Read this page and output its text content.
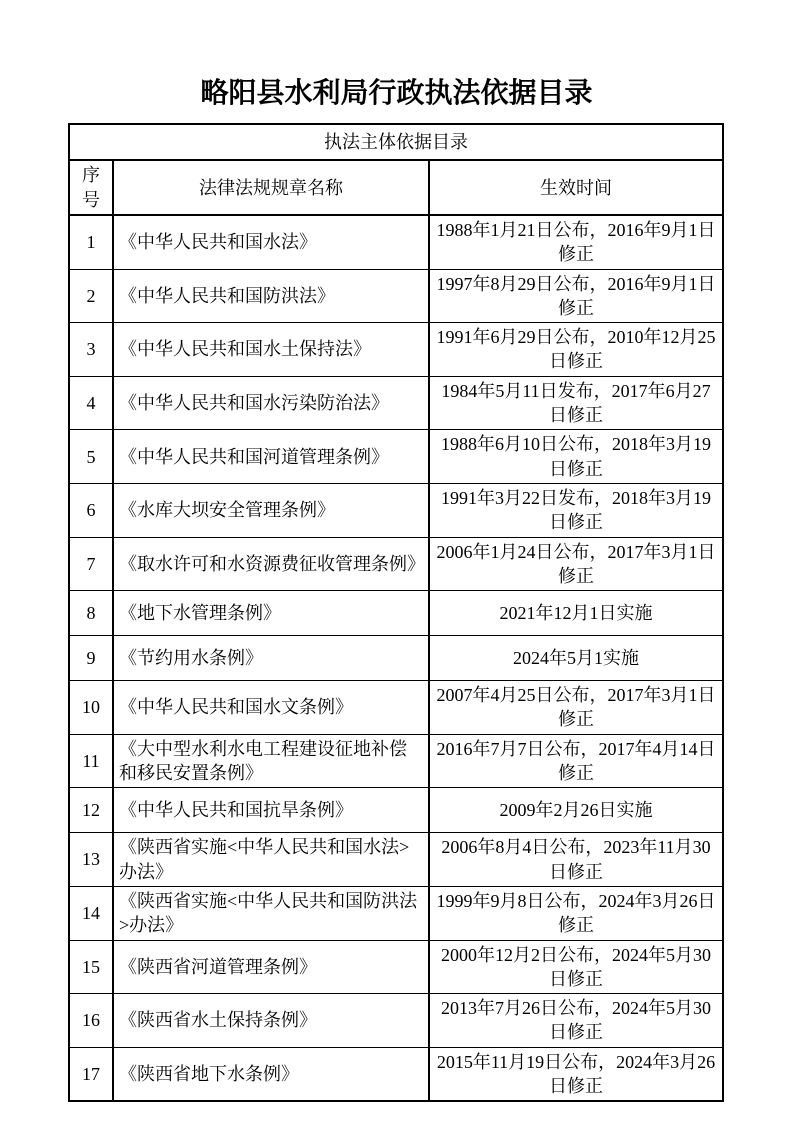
略阳县水利局行政执法依据目录
执法主体依据目录		
序号	法律法规规章名称	生效时间
1	《中华人民共和国水法》	1988年1月21日公布，2016年9月1日修正
2	《中华人民共和国防洪法》	1997年8月29日公布，2016年9月1日修正
3	《中华人民共和国水土保持法》	1991年6月29日公布，2010年12月25日修正
4	《中华人民共和国水污染防治法》	1984年5月11日发布，2017年6月27日修正
5	《中华人民共和国河道管理条例》	1988年6月10日公布，2018年3月19日修正
6	《水库大坝安全管理条例》	1991年3月22日发布，2018年3月19日修正
7	《取水许可和水资源费征收管理条例》	2006年1月24日公布，2017年3月1日修正
8	《地下水管理条例》	2021年12月1日实施
9	《节约用水条例》	2024年5月1实施
10	《中华人民共和国水文条例》	2007年4月25日公布，2017年3月1日修正
11	《大中型水利水电工程建设征地补偿和移民安置条例》	2016年7月7日公布，2017年4月14日修正
12	《中华人民共和国抗旱条例》	2009年2月26日实施
13	《陕西省实施<中华人民共和国水法>办法》	2006年8月4日公布，2023年11月30日修正
14	《陕西省实施<中华人民共和国防洪法>办法》	1999年9月8日公布，2024年3月26日修正
15	《陕西省河道管理条例》	2000年12月2日公布，2024年5月30日修正
16	《陕西省水土保持条例》	2013年7月26日公布，2024年5月30日修正
17	《陕西省地下水条例》	2015年11月19日公布，2024年3月26日修正
